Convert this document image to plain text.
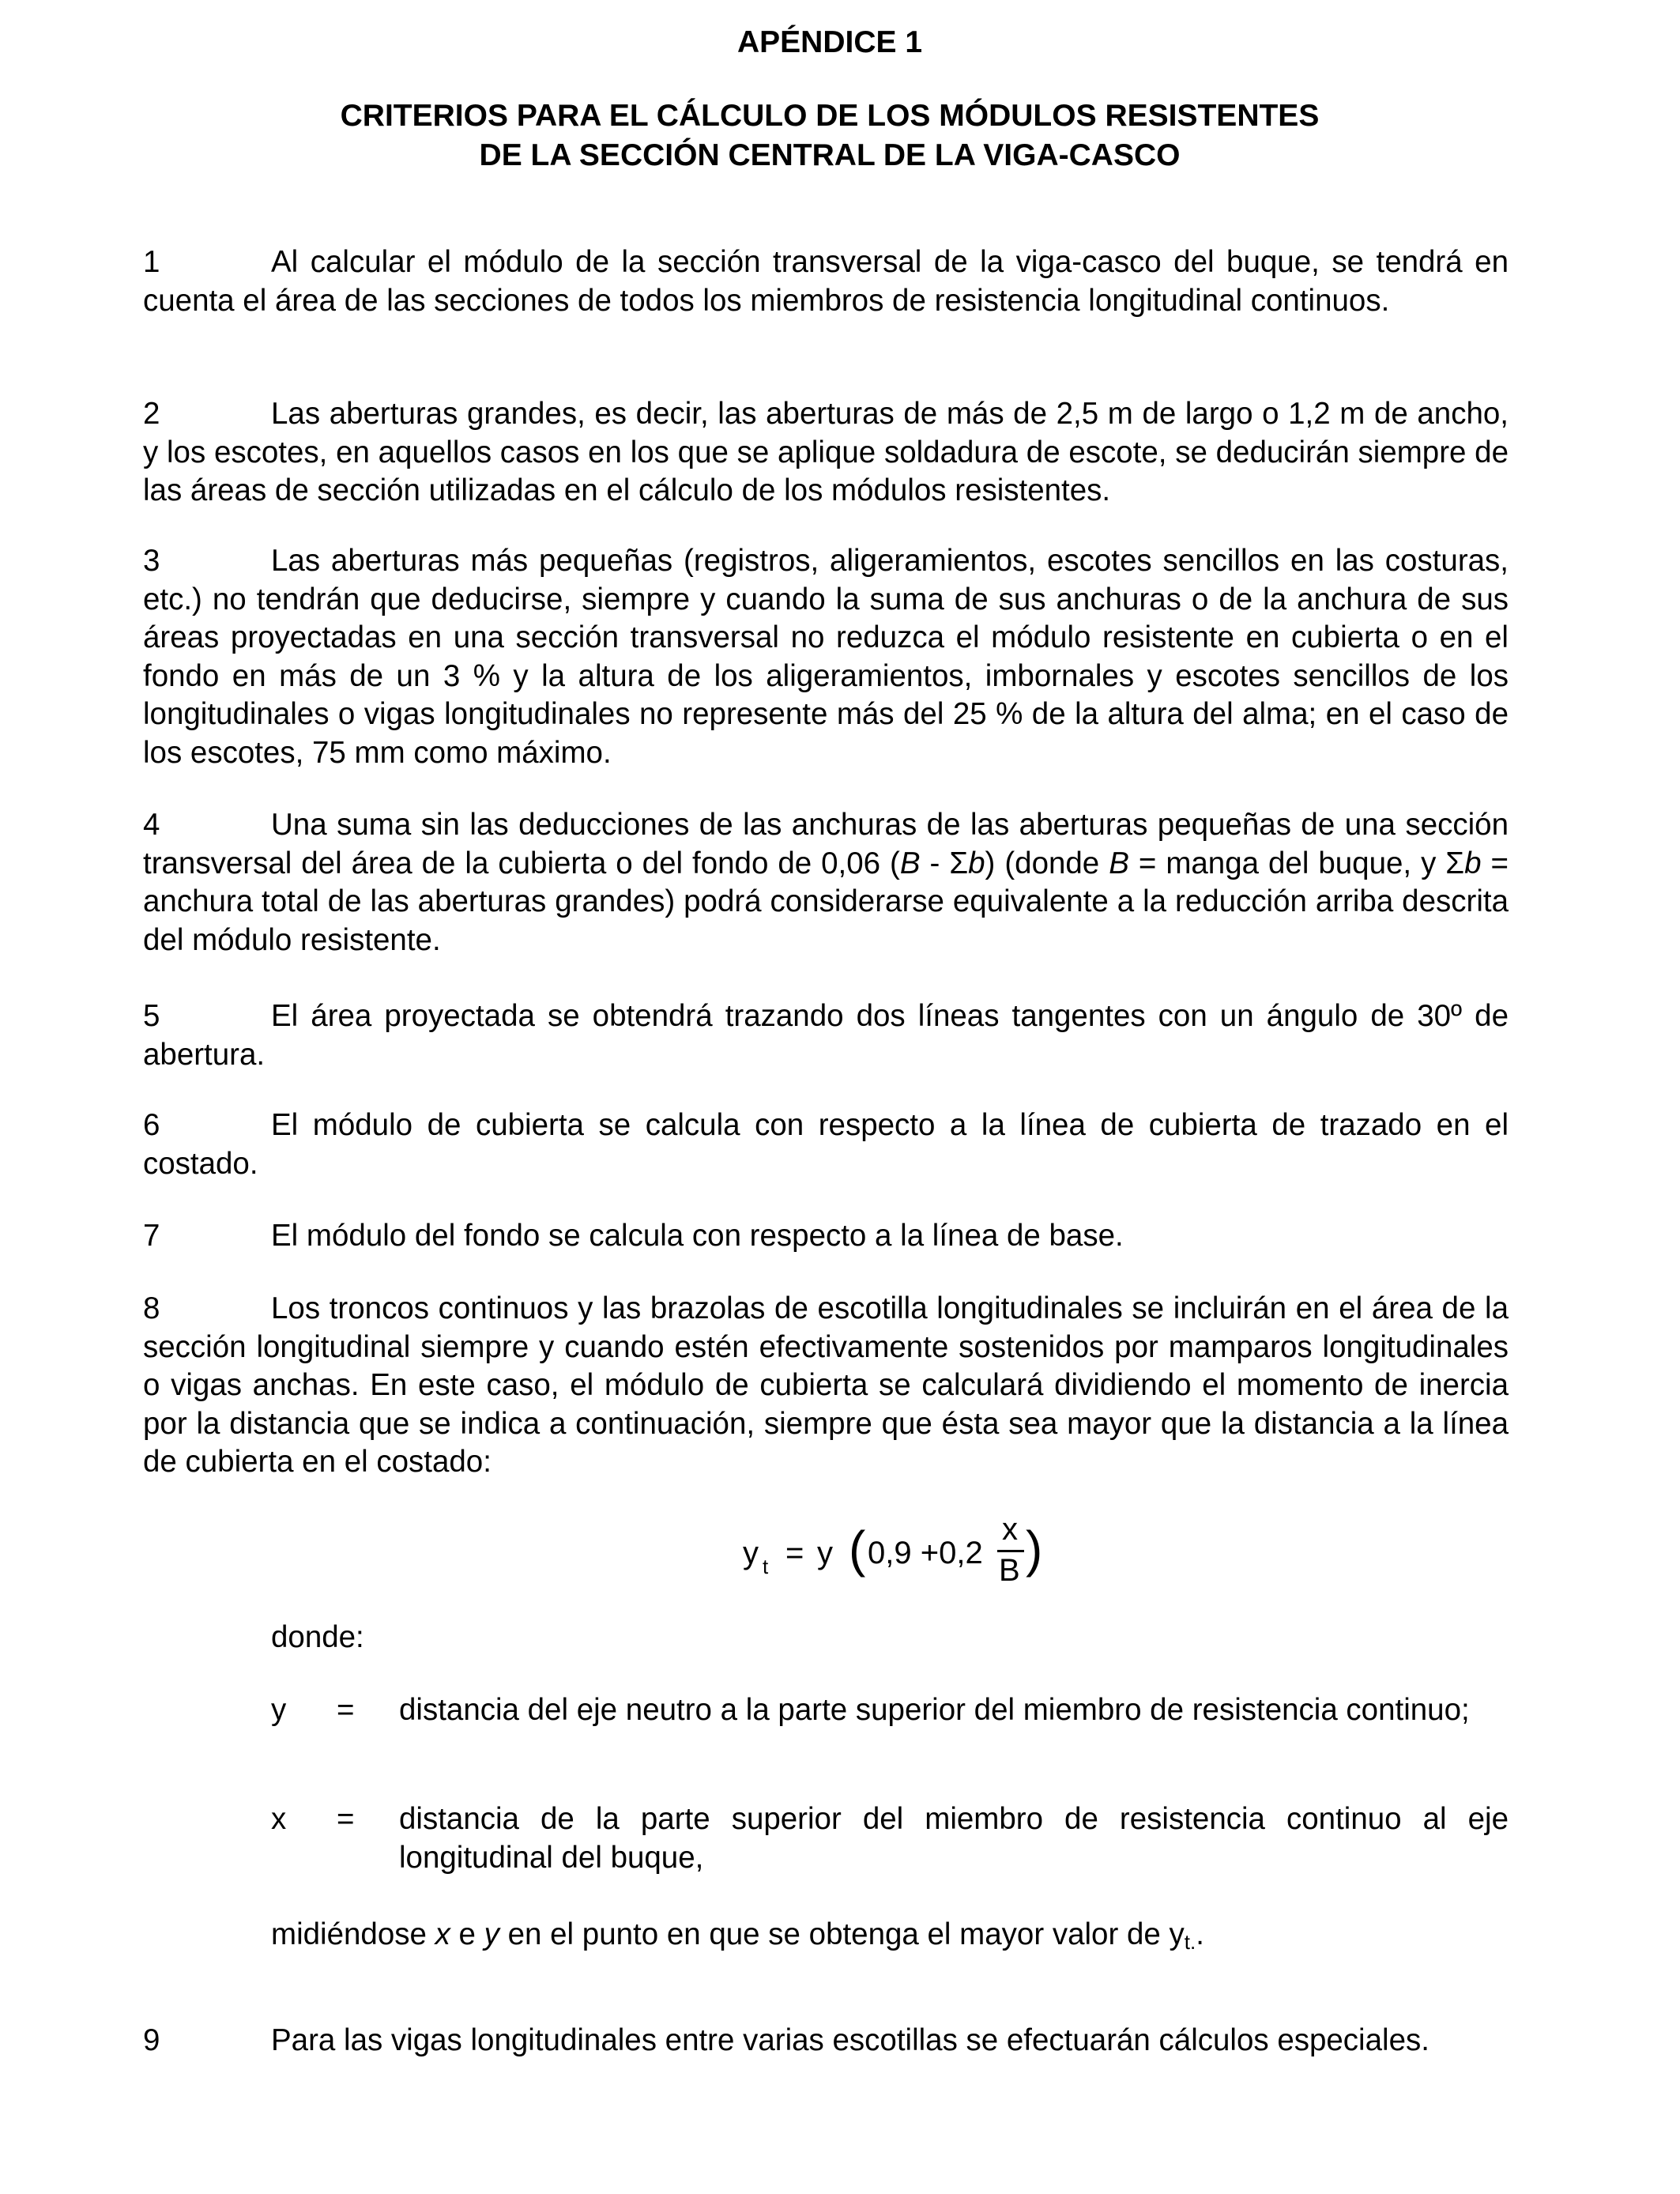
APÉNDICE 1
CRITERIOS PARA EL CÁLCULO DE LOS MÓDULOS RESISTENTES
DE LA SECCIÓN CENTRAL DE LA VIGA-CASCO
1	Al calcular el módulo de la sección transversal de la viga-casco del buque, se tendrá en cuenta el área de las secciones de todos los miembros de resistencia longitudinal continuos.
2	Las aberturas grandes, es decir, las aberturas de más de 2,5 m de largo o 1,2 m de ancho, y los escotes, en aquellos casos en los que se aplique soldadura de escote, se deducirán siempre de las áreas de sección utilizadas en el cálculo de los módulos resistentes.
3	Las aberturas más pequeñas (registros, aligeramientos, escotes sencillos en las costuras, etc.) no tendrán que deducirse, siempre y cuando la suma de sus anchuras o de la anchura de sus áreas proyectadas en una sección transversal no reduzca el módulo resistente en cubierta o en el fondo en más de un 3 % y la altura de los aligeramientos, imbornales y escotes sencillos de los longitudinales o vigas longitudinales no represente más del 25 % de la altura del alma; en el caso de los escotes, 75 mm como máximo.
4	Una suma sin las deducciones de las anchuras de las aberturas pequeñas de una sección transversal del área de la cubierta o del fondo de 0,06 (B - Σb) (donde B = manga del buque, y Σb = anchura total de las aberturas grandes) podrá considerarse equivalente a la reducción arriba descrita del módulo resistente.
5	El área proyectada se obtendrá trazando dos líneas tangentes con un ángulo de 30º de abertura.
6	El módulo de cubierta se calcula con respecto a la línea de cubierta de trazado en el costado.
7	El módulo del fondo se calcula con respecto a la línea de base.
8	Los troncos continuos y las brazolas de escotilla longitudinales se incluirán en el área de la sección longitudinal siempre y cuando estén efectivamente sostenidos por mamparos longitudinales o vigas anchas. En este caso, el módulo de cubierta se calculará dividiendo el momento de inercia por la distancia que se indica a continuación, siempre que ésta sea mayor que la distancia a la línea de cubierta en el costado:
y t = y ( 0,9 +0,2
x
B )
donde:
y = distancia del eje neutro a la parte superior del miembro de resistencia continuo;
x = distancia de la parte superior del miembro de resistencia continuo al eje longitudinal del buque,
midiéndose x e y en el punto en que se obtenga el mayor valor de yt..
9	Para las vigas longitudinales entre varias escotillas se efectuarán cálculos especiales.
